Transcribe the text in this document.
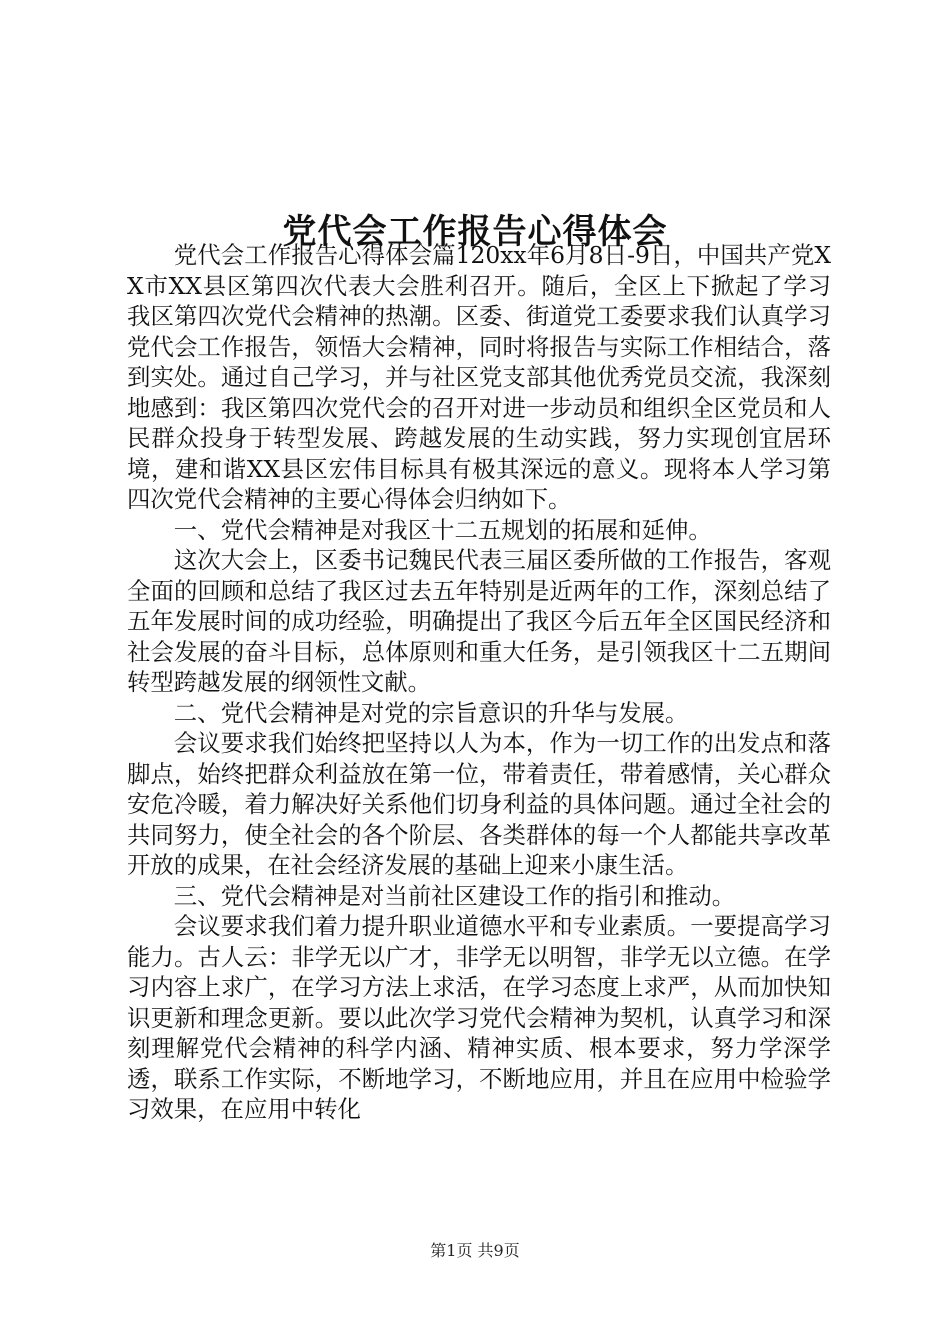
党代会工作报告心得体会

党代会工作报告心得体会篇120xx年6月8日-9日，中国共产党XX市XX县区第四次代表大会胜利召开。随后，全区上下掀起了学习我区第四次党代会精神的热潮。区委、街道党工委要求我们认真学习党代会工作报告，领悟大会精神，同时将报告与实际工作相结合，落到实处。通过自己学习，并与社区党支部其他优秀党员交流，我深刻地感到：我区第四次党代会的召开对进一步动员和组织全区党员和人民群众投身于转型发展、跨越发展的生动实践，努力实现创宜居环境，建和谐XX县区宏伟目标具有极其深远的意义。现将本人学习第四次党代会精神的主要心得体会归纳如下。

一、党代会精神是对我区十二五规划的拓展和延伸。

这次大会上，区委书记魏民代表三届区委所做的工作报告，客观全面的回顾和总结了我区过去五年特别是近两年的工作，深刻总结了五年发展时间的成功经验，明确提出了我区今后五年全区国民经济和社会发展的奋斗目标，总体原则和重大任务，是引领我区十二五期间转型跨越发展的纲领性文献。

二、党代会精神是对党的宗旨意识的升华与发展。

会议要求我们始终把坚持以人为本，作为一切工作的出发点和落脚点，始终把群众利益放在第一位，带着责任，带着感情，关心群众安危冷暖，着力解决好关系他们切身利益的具体问题。通过全社会的共同努力，使全社会的各个阶层、各类群体的每一个人都能共享改革开放的成果，在社会经济发展的基础上迎来小康生活。

三、党代会精神是对当前社区建设工作的指引和推动。

会议要求我们着力提升职业道德水平和专业素质。一要提高学习能力。古人云：非学无以广才，非学无以明智，非学无以立德。在学习内容上求广，在学习方法上求活，在学习态度上求严，从而加快知识更新和理念更新。要以此次学习党代会精神为契机，认真学习和深刻理解党代会精神的科学内涵、精神实质、根本要求，努力学深学透，联系工作实际，不断地学习，不断地应用，并且在应用中检验学习效果，在应用中转化

第1页 共9页
